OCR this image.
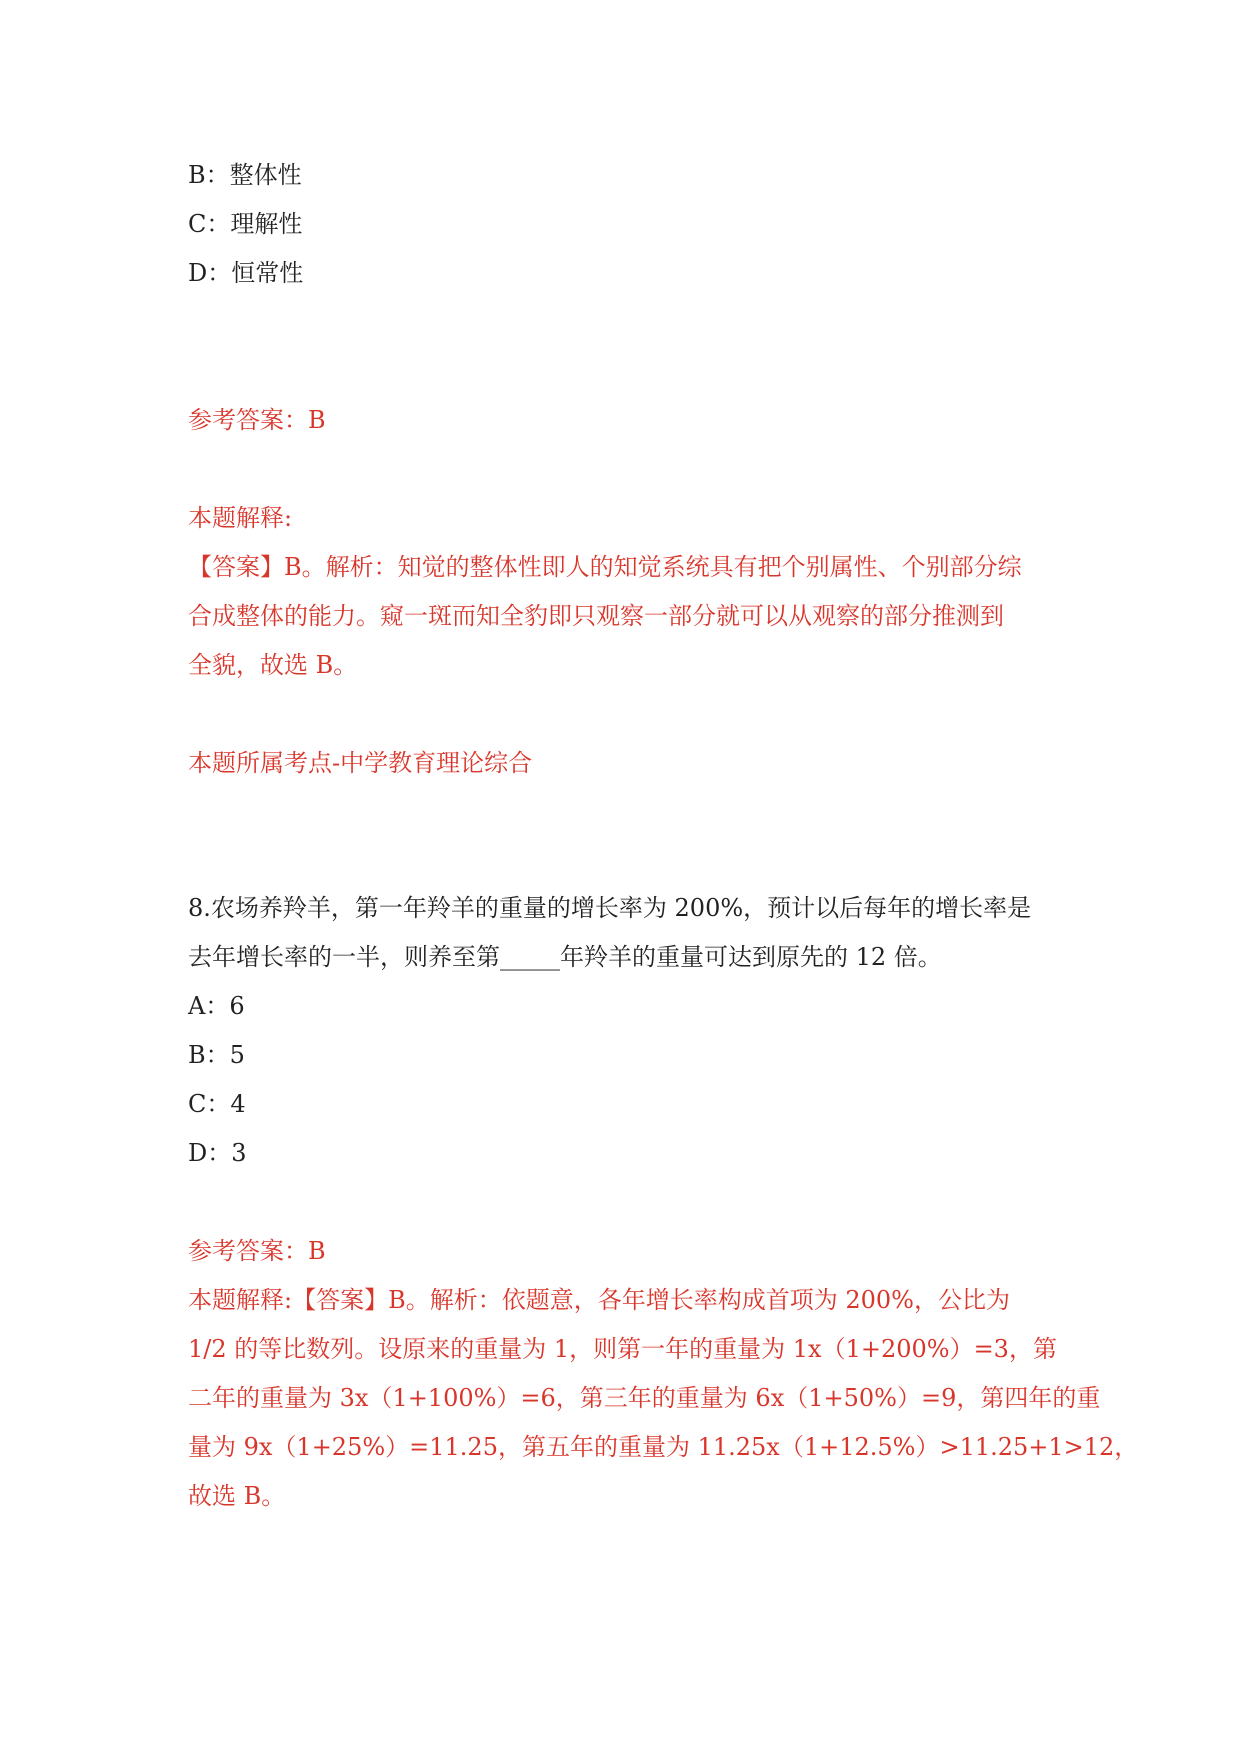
B：整体性
C：理解性
D：恒常性
参考答案：B
本题解释:
【答案】B。解析：知觉的整体性即人的知觉系统具有把个别属性、个别部分综
合成整体的能力。窥一斑而知全豹即只观察一部分就可以从观察的部分推测到
全貌，故选 B。
本题所属考点-中学教育理论综合
8.农场养羚羊，第一年羚羊的重量的增长率为 200%，预计以后每年的增长率是
去年增长率的一半，则养至第_____年羚羊的重量可达到原先的 12 倍。
A：6
B：5
C：4
D：3
参考答案：B
本题解释:【答案】B。解析：依题意，各年增长率构成首项为 200%，公比为
1/2 的等比数列。设原来的重量为 1，则第一年的重量为 1x（1+200%）=3，第
二年的重量为 3x（1+100%）=6，第三年的重量为 6x（1+50%）=9，第四年的重
量为 9x（1+25%）=11.25，第五年的重量为 11.25x（1+12.5%）>11.25+1>12，
故选 B。
